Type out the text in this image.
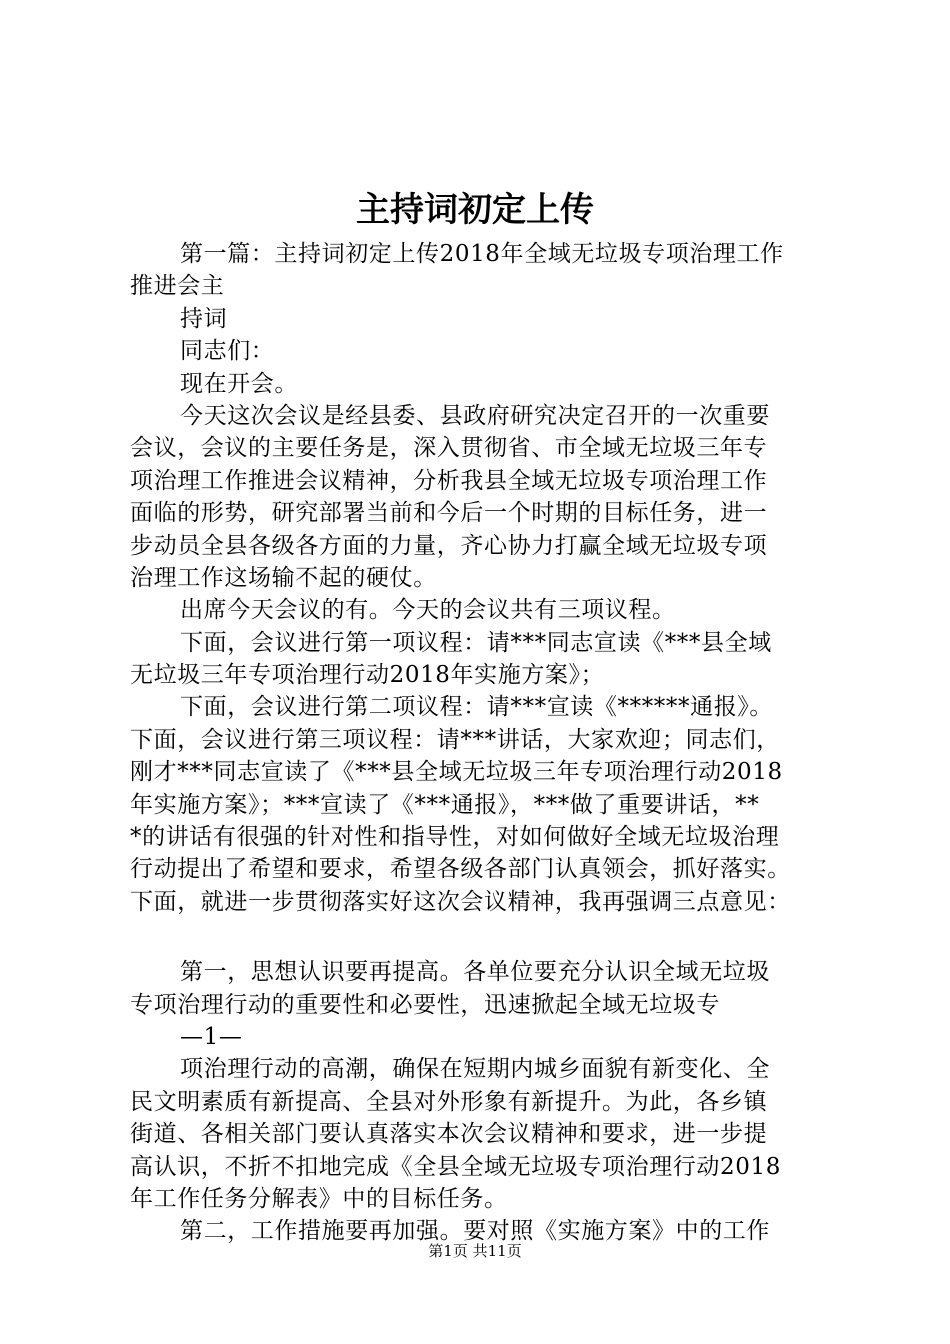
主持词初定上传
第一篇：主持词初定上传2018年全域无垃圾专项治理工作
推进会主
持词
同志们：
现在开会。
今天这次会议是经县委、县政府研究决定召开的一次重要
会议，会议的主要任务是，深入贯彻省、市全域无垃圾三年专
项治理工作推进会议精神，分析我县全域无垃圾专项治理工作
面临的形势，研究部署当前和今后一个时期的目标任务，进一
步动员全县各级各方面的力量，齐心协力打赢全域无垃圾专项
治理工作这场输不起的硬仗。
出席今天会议的有。今天的会议共有三项议程。
下面，会议进行第一项议程：请***同志宣读《***县全域
无垃圾三年专项治理行动2018年实施方案》；
下面，会议进行第二项议程：请***宣读《******通报》。
下面，会议进行第三项议程：请***讲话，大家欢迎；同志们，
刚才***同志宣读了《***县全域无垃圾三年专项治理行动2018
年实施方案》；***宣读了《***通报》，***做了重要讲话，**
*的讲话有很强的针对性和指导性，对如何做好全域无垃圾治理
行动提出了希望和要求，希望各级各部门认真领会，抓好落实。
下面，就进一步贯彻落实好这次会议精神，我再强调三点意见：
第一，思想认识要再提高。各单位要充分认识全域无垃圾
专项治理行动的重要性和必要性，迅速掀起全域无垃圾专
—1—
项治理行动的高潮，确保在短期内城乡面貌有新变化、全
民文明素质有新提高、全县对外形象有新提升。为此，各乡镇
街道、各相关部门要认真落实本次会议精神和要求，进一步提
高认识，不折不扣地完成《全县全域无垃圾专项治理行动2018
年工作任务分解表》中的目标任务。
第二，工作措施要再加强。要对照《实施方案》中的工作
第1页 共11页
